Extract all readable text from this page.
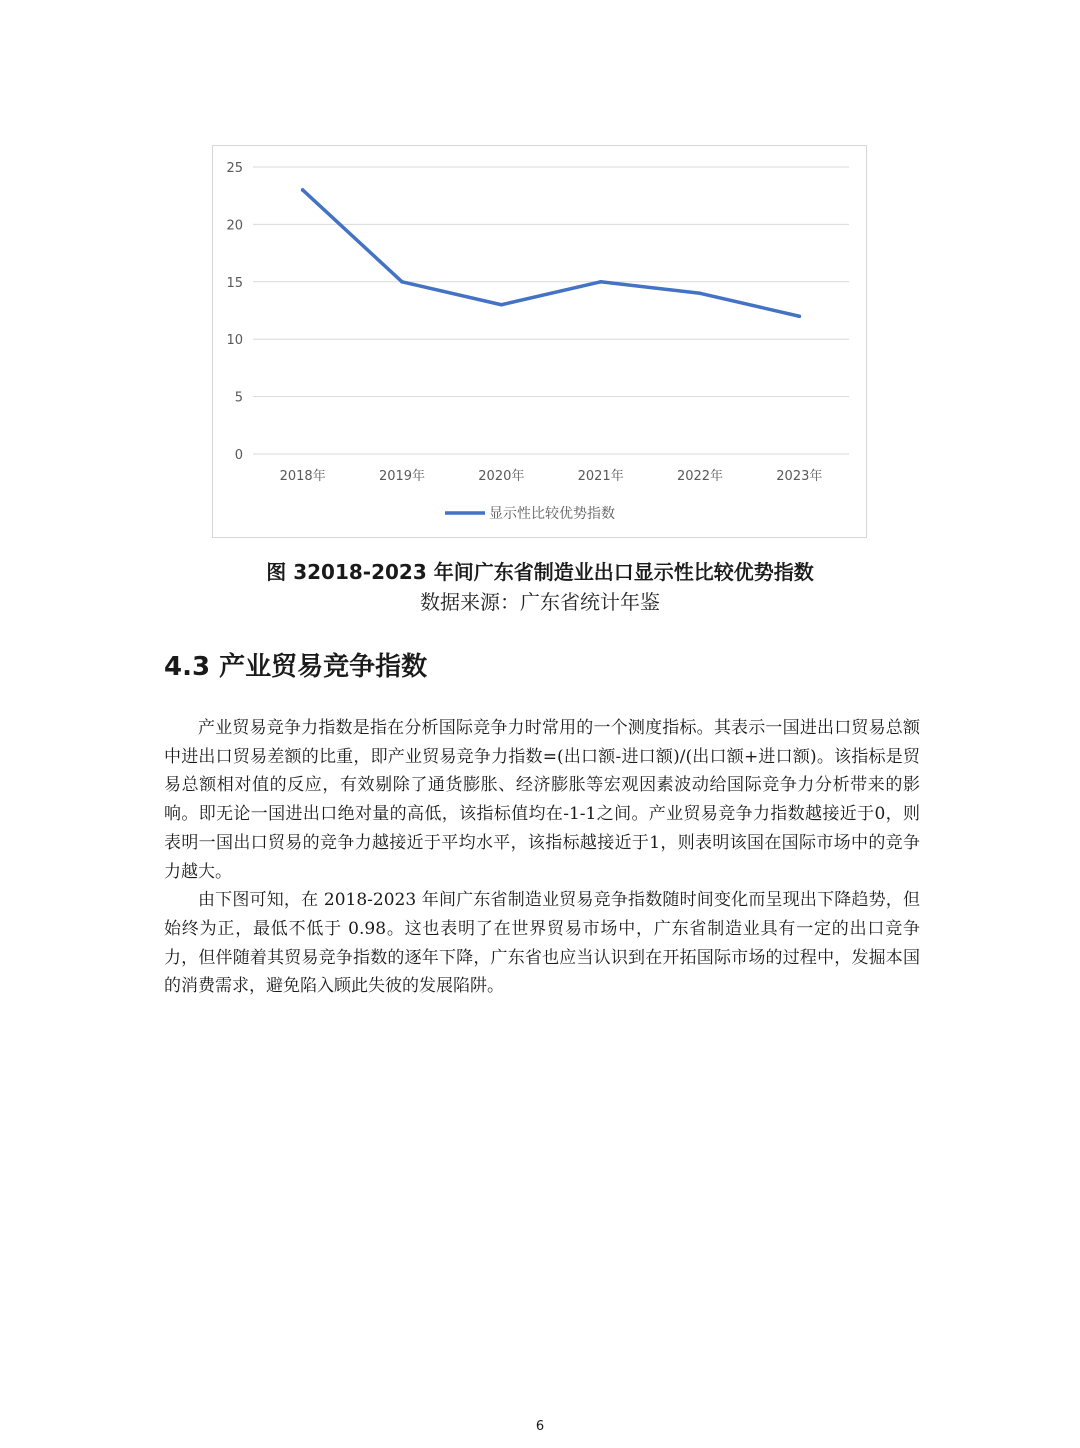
0
5
10
15
20
25
2018年	2019年	2020年	2021年	2022年	2023年
显示性比较优势指数
图 32018-2023 年间广东省制造业出口显示性比较优势指数
数据来源：广东省统计年鉴
4.3 产业贸易竞争指数

产业贸易竞争力指数是指在分析国际竞争力时常用的一个测度指标。其表示一国进出口贸易总额中进出口贸易差额的比重，即产业贸易竞争力指数=(出口额-进口额)/(出口额+进口额)。该指标是贸易总额相对值的反应，有效剔除了通货膨胀、经济膨胀等宏观因素波动给国际竞争力分析带来的影响。即无论一国进出口绝对量的高低，该指标值均在-1-1之间。产业贸易竞争力指数越接近于0，则表明一国出口贸易的竞争力越接近于平均水平，该指标越接近于1，则表明该国在国际市场中的竞争力越大。

由下图可知，在 2018-2023 年间广东省制造业贸易竞争指数随时间变化而呈现出下降趋势，但始终为正，最低不低于 0.98。这也表明了在世界贸易市场中，广东省制造业具有一定的出口竞争力，但伴随着其贸易竞争指数的逐年下降，广东省也应当认识到在开拓国际市场的过程中，发掘本国的消费需求，避免陷入顾此失彼的发展陷阱。

6
